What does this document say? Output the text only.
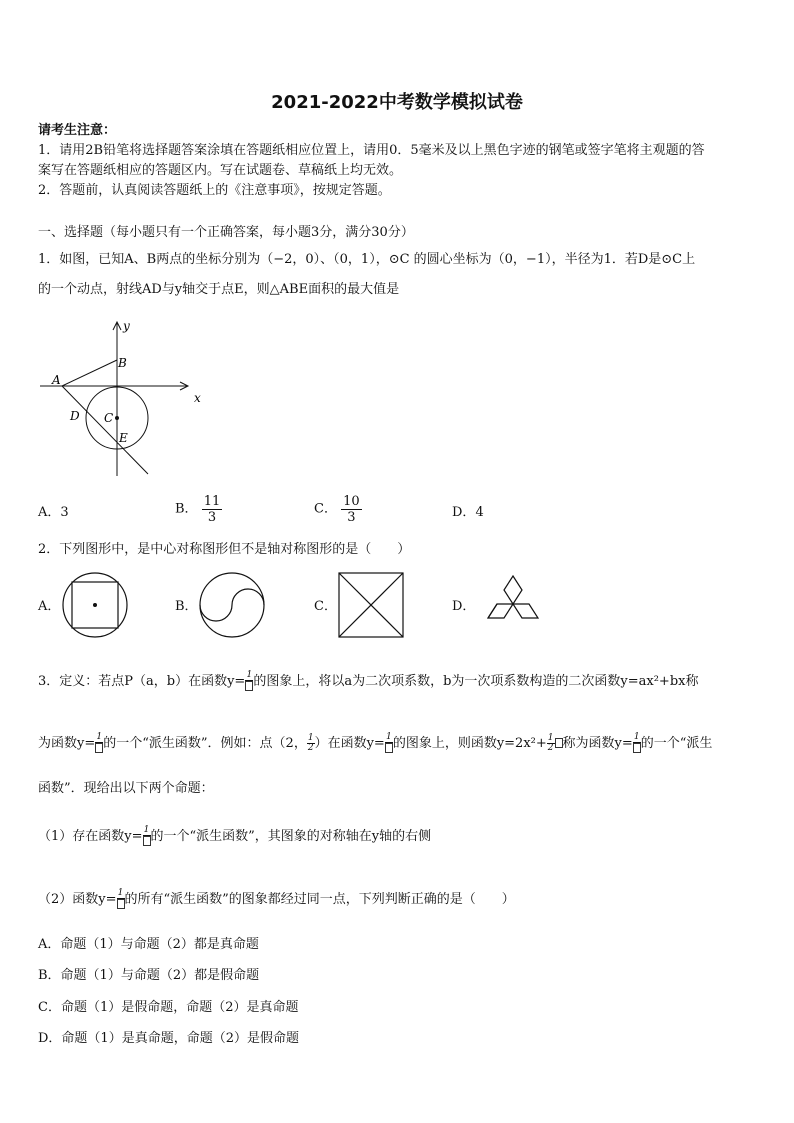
2021-2022中考数学模拟试卷
请考生注意：
1．请用2B铅笔将选择题答案涂填在答题纸相应位置上，请用0．5毫米及以上黑色字迹的钢笔或签字笔将主观题的答
案写在答题纸相应的答题区内。写在试题卷、草稿纸上均无效。
2．答题前，认真阅读答题纸上的《注意事项》，按规定答题。
一、选择题（每小题只有一个正确答案，每小题3分，满分30分）
1．如图，已知A、B两点的坐标分别为（−2，0）、（0，1），⊙C 的圆心坐标为（0，−1），半径为1．若D是⊙C上
的一个动点，射线AD与y轴交于点E，则△ABE面积的最大值是
y
x
A
B
C
D
E
A．3	B． $\frac{11}{3}$	C． $\frac{10}{3}$	D．4
2．下列图形中，是中心对称图形但不是轴对称图形的是（　　）
A．	B．	C．	D．
3．定义：若点P（a，b）在函数y= 1 的图象上，将以a为二次项系数，b为一次项系数构造的二次函数y=ax²+bx称
为函数y= 1 的一个“派生函数”．例如：点（2， $\frac{1}{2}$ ）在函数y= 1 的图象上，则函数$y=2x^2+ \frac{1}{2}$ 称为函数y= 1 的一个“派生
函数”．现给出以下两个命题：
（1）存在函数y= 1 的一个“派生函数”，其图象的对称轴在y轴的右侧
（2）函数y= 1 的所有“派生函数”的图象都经过同一点，下列判断正确的是（　　）
A．命题（1）与命题（2）都是真命题
B．命题（1）与命题（2）都是假命题
C．命题（1）是假命题，命题（2）是真命题
D．命题（1）是真命题，命题（2）是假命题
